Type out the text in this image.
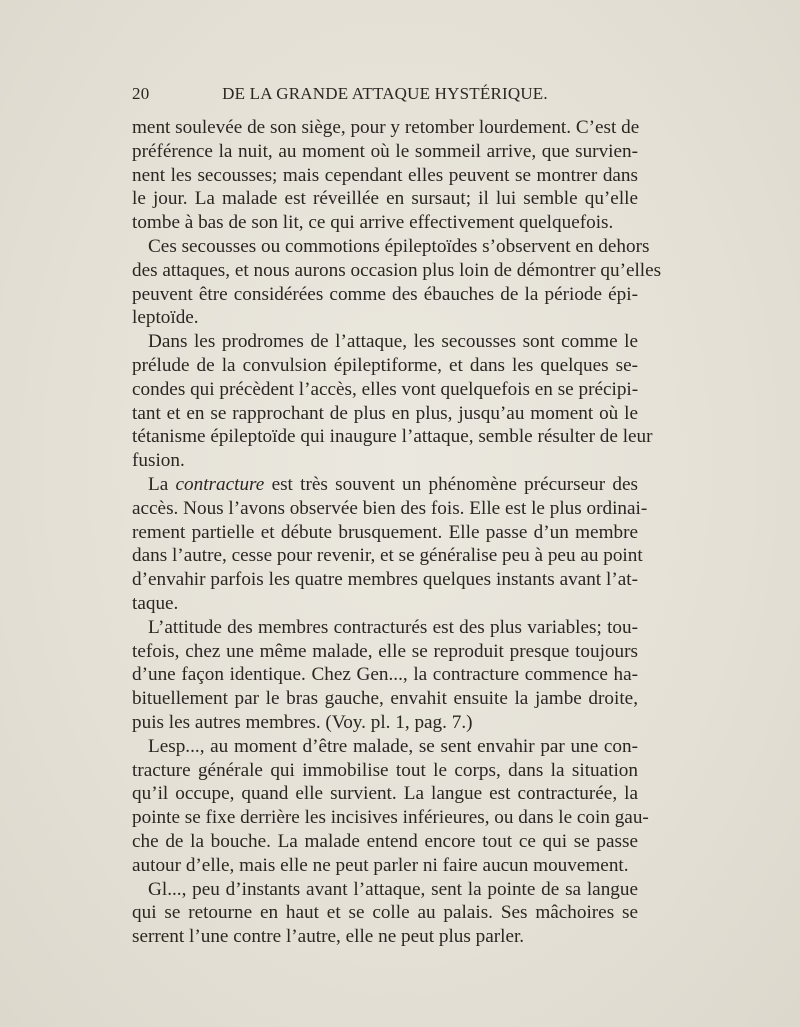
20	DE LA GRANDE ATTAQUE HYSTÉRIQUE.
ment soulevée de son siège, pour y retomber lourdement. C’est de
préférence la nuit, au moment où le sommeil arrive, que survien-
nent les secousses; mais cependant elles peuvent se montrer dans
le jour. La malade est réveillée en sursaut; il lui semble qu’elle
tombe à bas de son lit, ce qui arrive effectivement quelquefois.
Ces secousses ou commotions épileptoïdes s’observent en dehors
des attaques, et nous aurons occasion plus loin de démontrer qu’elles
peuvent être considérées comme des ébauches de la période épi-
leptoïde.
Dans les prodromes de l’attaque, les secousses sont comme le
prélude de la convulsion épileptiforme, et dans les quelques se-
condes qui précèdent l’accès, elles vont quelquefois en se précipi-
tant et en se rapprochant de plus en plus, jusqu’au moment où le
tétanisme épileptoïde qui inaugure l’attaque, semble résulter de leur
fusion.
La contracture est très souvent un phénomène précurseur des
accès. Nous l’avons observée bien des fois. Elle est le plus ordinai-
rement partielle et débute brusquement. Elle passe d’un membre
dans l’autre, cesse pour revenir, et se généralise peu à peu au point
d’envahir parfois les quatre membres quelques instants avant l’at-
taque.
L’attitude des membres contracturés est des plus variables; tou-
tefois, chez une même malade, elle se reproduit presque toujours
d’une façon identique. Chez Gen..., la contracture commence ha-
bituellement par le bras gauche, envahit ensuite la jambe droite,
puis les autres membres. (Voy. pl. 1, pag. 7.)
Lesp..., au moment d’être malade, se sent envahir par une con-
tracture générale qui immobilise tout le corps, dans la situation
qu’il occupe, quand elle survient. La langue est contracturée, la
pointe se fixe derrière les incisives inférieures, ou dans le coin gau-
che de la bouche. La malade entend encore tout ce qui se passe
autour d’elle, mais elle ne peut parler ni faire aucun mouvement.
Gl..., peu d’instants avant l’attaque, sent la pointe de sa langue
qui se retourne en haut et se colle au palais. Ses mâchoires se
serrent l’une contre l’autre, elle ne peut plus parler.
